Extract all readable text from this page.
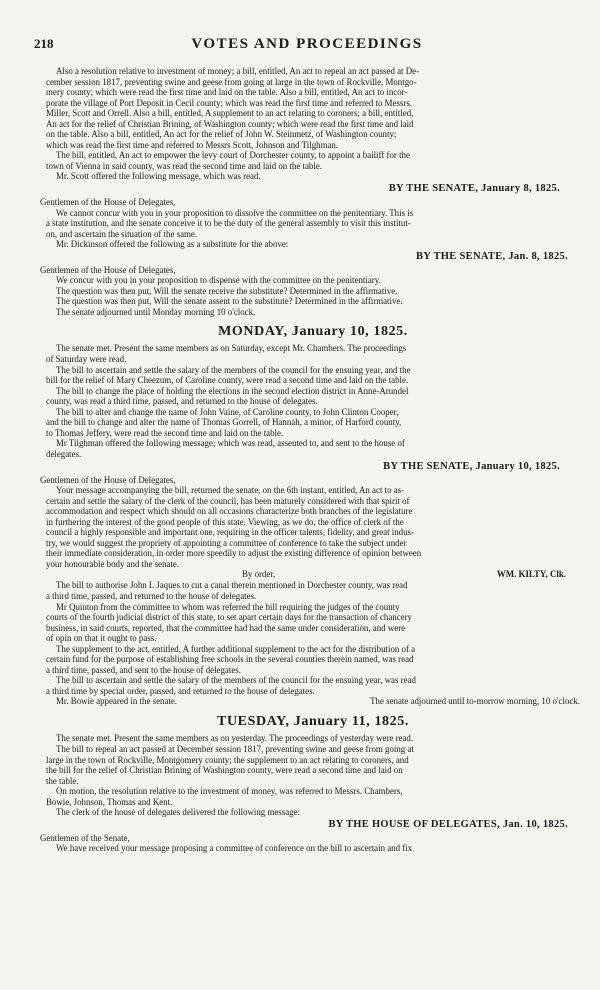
218	VOTES AND PROCEEDINGS
Also a resolution relative to investment of money; a bill, entitled, An act to repeal an act passed at De-
cember session 1817, preventing swine and geese from going at large in the town of Rockville, Montgo-
mery county; which were read the first time and laid on the table. Also a bill, entitled, An act to incor-
porate the village of Port Deposit in Cecil county; which was read the first time and referred to Messrs.
Miller, Scott and Orrell. Also a bill, entitled, A supplement to an act relating to coroners; a bill, entitled,
An act for the relief of Christian Brining, of Washington county; which were read the first time and laid
on the table. Also a bill, entitled, An act for the relief of John W. Steinmetz, of Washington county;
which was read the first time and referred to Messrs Scott, Johnson and Tilghman.
The bill, entitled, An act to empower the levy court of Dorchester county, to appoint a bailiff for the
town of Vienna in said county, was read the second time and laid on the table.
Mr. Scott offered the following message, which was read.
BY THE SENATE, January 8, 1825.
Gentlemen of the House of Delegates,
We cannot concur with you in your proposition to dissolve the committee on the penitentiary. This is
a state institution, and the senate conceive it to be the duty of the general assembly to visit this institut-
on, and ascertain the situation of the same.
Mr. Dickinson offered the following as a substitute for the above:
BY THE SENATE, Jan. 8, 1825.
Gentlemen of the House of Delegates,
We concur with you in your proposition to dispense with the committee on the penitentiary.
The question was then put, Will the senate receive the substitute? Determined in the affirmative.
The question was then put, Will the senate assent to the substitute? Determined in the affirmative.
The senate adjourned until Monday morning 10 o'clock.
MONDAY, January 10, 1825.
The senate met. Present the same members as on Saturday, except Mr. Chambers. The proceedings
of Saturday were read.
The bill to ascertain and settle the salary of the members of the council for the ensuing year, and the
bill for the relief of Mary Cheezum, of Caroline county, were read a second time and laid on the table.
The bill to change the place of holding the elections in the second election district in Anne-Arundel
county, was read a third time, passed, and returned to the house of delegates.
The bill to alter and change the name of John Vaine, of Caroline county, to John Clinton Cooper,
and the bill to change and alter the name of Thomas Gorrell, of Hannah, a minor, of Harford county,
to Thomas Jeffery, were read the second time and laid on the table.
Mr Tilghman offered the following message; which was read, assented to, and sent to the house of
delegates.
BY THE SENATE, January 10, 1825.
Gentlemen of the House of Delegates,
Your message accompanying the bill, returned the senate, on the 6th instant, entitled, An act to as-
certain and settle the salary of the clerk of the council, has been maturely considered with that spirit of
accommodation and respect which should on all occasions characterize both branches of the legislature
in furthering the interest of the good people of this state. Viewing, as we do, the office of clerk of the
council a highly responsible and important one, requiring in the officer talents, fidelity, and great indus-
try, we would suggest the propriety of appointing a committee of conference to take the subject under
their immediate consideration, in order more speedily to adjust the existing difference of opinion between
your honourable body and the senate.
By order,	WM. KILTY, Clk.
The bill to authorise John L Jaques to cut a canal therein mentioned in Dorchester county, was read
a third time, passed, and returned to the house of delegates.
Mr Quinton from the committee to whom was referred the bill requiring the judges of the county
courts of the fourth judicial district of this state, to set apart certain days for the transaction of chancery
business, in said courts, reported, that the committee had had the same under consideration, and were
of opin on that it ought to pass.
The supplement to the act, entitled, A further additional supplement to the act for the distribution of a
certain fund for the purpose of establishing free schools in the several counties therein named, was read
a third time, passed, and sent to the house of delegates.
The bill to ascertain and settle the salary of the members of the council for the ensuing year, was read
a third time by special order, passed, and returned to the house of delegates.
Mr. Bowie appeared in the senate.	The senate adjourned until to-morrow morning, 10 o'clock.
TUESDAY, January 11, 1825.
The senate met. Present the same members as on yesterday. The proceedings of yesterday were read.
The bill to repeal an act passed at December session 1817, preventing swine and geese from going at
large in the town of Rockville, Montgomery county; the supplement to an act relating to coroners, and
the bill for the relief of Christian Brining of Washington county, were read a second time and laid on
the table.
On motion, the resolution relative to the investment of money, was referred to Messrs. Chambers,
Bowie, Johnson, Thomas and Kent.
The clerk of the house of delegates delivered the following message:
BY THE HOUSE OF DELEGATES, Jan. 10, 1825.
Gentlemen of the Senate,
We have received your message proposing a committee of conference on the bill to ascertain and fix
